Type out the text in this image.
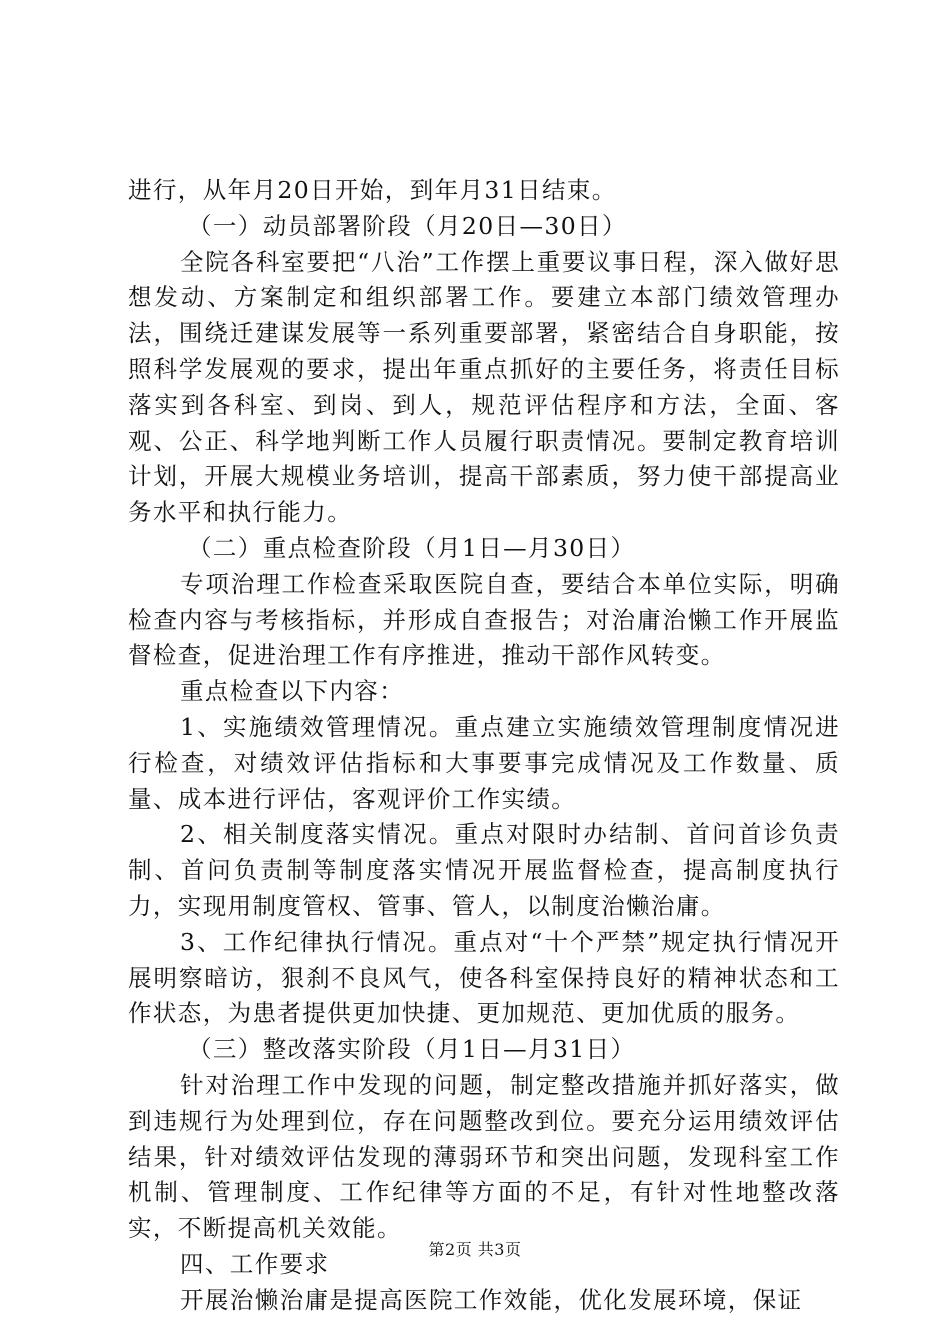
进行，从年月20日开始，到年月31日结束。

（一）动员部署阶段（月20日—30日）

全院各科室要把“八治”工作摆上重要议事日程，深入做好思想发动、方案制定和组织部署工作。要建立本部门绩效管理办法，围绕迁建谋发展等一系列重要部署，紧密结合自身职能，按照科学发展观的要求，提出年重点抓好的主要任务，将责任目标落实到各科室、到岗、到人，规范评估程序和方法，全面、客观、公正、科学地判断工作人员履行职责情况。要制定教育培训计划，开展大规模业务培训，提高干部素质，努力使干部提高业务水平和执行能力。

（二）重点检查阶段（月1日—月30日）

专项治理工作检查采取医院自查，要结合本单位实际，明确检查内容与考核指标，并形成自查报告；对治庸治懒工作开展监督检查，促进治理工作有序推进，推动干部作风转变。

重点检查以下内容：

1、实施绩效管理情况。重点建立实施绩效管理制度情况进行检查，对绩效评估指标和大事要事完成情况及工作数量、质量、成本进行评估，客观评价工作实绩。

2、相关制度落实情况。重点对限时办结制、首问首诊负责制、首问负责制等制度落实情况开展监督检查，提高制度执行力，实现用制度管权、管事、管人，以制度治懒治庸。

3、工作纪律执行情况。重点对“十个严禁”规定执行情况开展明察暗访，狠刹不良风气，使各科室保持良好的精神状态和工作状态，为患者提供更加快捷、更加规范、更加优质的服务。

（三）整改落实阶段（月1日—月31日）

针对治理工作中发现的问题，制定整改措施并抓好落实，做到违规行为处理到位，存在问题整改到位。要充分运用绩效评估结果，针对绩效评估发现的薄弱环节和突出问题，发现科室工作机制、管理制度、工作纪律等方面的不足，有针对性地整改落实，不断提高机关效能。

四、工作要求

开展治懒治庸是提高医院工作效能，优化发展环境，保证

第2页 共3页
